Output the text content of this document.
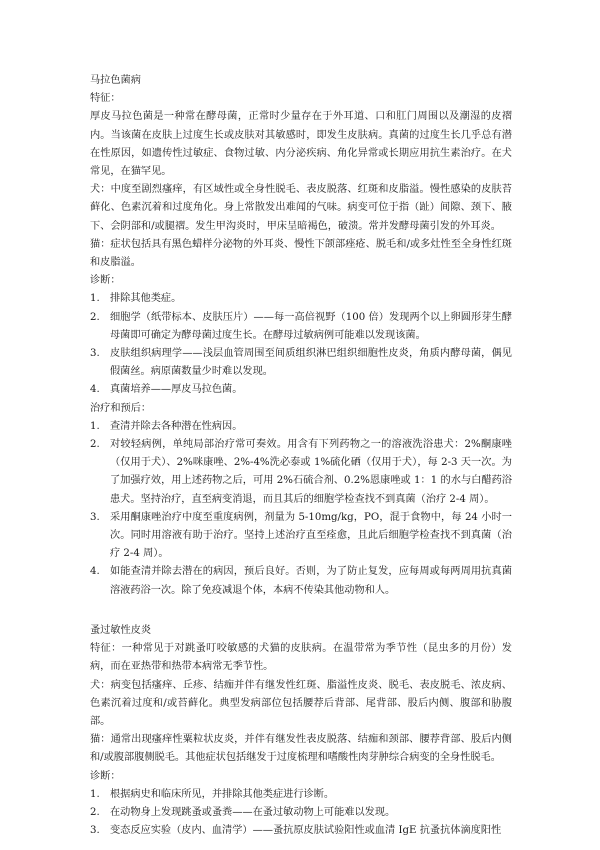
马拉色菌病

特征：

厚皮马拉色菌是一种常在酵母菌，正常时少量存在于外耳道、口和肛门周围以及潮湿的皮褶内。当该菌在皮肤上过度生长或皮肤对其敏感时，即发生皮肤病。真菌的过度生长几乎总有潜在性原因，如遗传性过敏症、食物过敏、内分泌疾病、角化异常或长期应用抗生素治疗。在犬常见，在猫罕见。

犬：中度至剧烈瘙痒，有区域性或全身性脱毛、表皮脱落、红斑和皮脂溢。慢性感染的皮肤苔藓化、色素沉着和过度角化。身上常散发出难闻的气味。病变可位于指（趾）间隙、颈下、腋下、会阴部和/或腿褶。发生甲沟炎时，甲床呈暗褐色，破溃。常并发酵母菌引发的外耳炎。

猫：症状包括具有黑色蜡样分泌物的外耳炎、慢性下颌部痤疮、脱毛和/或多灶性至全身性红斑和皮脂溢。

诊断：

1. 排除其他类症。
2. 细胞学（纸带标本、皮肤压片）——每一高倍视野（100 倍）发现两个以上卵圆形芽生酵母菌即可确定为酵母菌过度生长。在酵母过敏病例可能难以发现该菌。
3. 皮肤组织病理学——浅层血管周围至间质组织淋巴组织细胞性皮炎，角质内酵母菌，偶见假菌丝。病原菌数量少时难以发现。
4. 真菌培养——厚皮马拉色菌。

治疗和预后：

1. 查清并除去各种潜在性病因。
2. 对较轻病例，单纯局部治疗常可奏效。用含有下列药物之一的溶液洗浴患犬：2%酮康唑（仅用于犬）、2%咪康唑、2%-4%洗必泰或 1%硫化硒（仅用于犬），每 2-3 天一次。为了加强疗效，用上述药物之后，可用 2%石硫合剂、0.2%恩康唑或 1：1 的水与白醋药浴患犬。坚持治疗，直至病变消退，而且其后的细胞学检查找不到真菌（治疗 2-4 周）。
3. 采用酮康唑治疗中度至重度病例，剂量为 5-10mg/kg，PO，混于食物中，每 24 小时一次。同时用溶液有助于治疗。坚持上述治疗直至痊愈，且此后细胞学检查找不到真菌（治疗 2-4 周）。
4. 如能查清并除去潜在的病因，预后良好。否则，为了防止复发，应每周或每两周用抗真菌溶液药浴一次。除了免疫减退个体，本病不传染其他动物和人。

蚤过敏性皮炎

特征：一种常见于对跳蚤叮咬敏感的犬猫的皮肤病。在温带常为季节性（昆虫多的月份）发病，而在亚热带和热带本病常无季节性。

犬：病变包括瘙痒、丘疹、结痂并伴有继发性红斑、脂溢性皮炎、脱毛、表皮脱毛、浓皮病、色素沉着过度和/或苔藓化。典型发病部位包括腰荐后背部、尾背部、股后内侧、腹部和胁腹部。

猫：通常出现瘙痒性粟粒状皮炎，并伴有继发性表皮脱落、结痂和颈部、腰荐背部、股后内侧和/或腹部腹侧脱毛。其他症状包括继发于过度梳理和嗜酸性肉芽肿综合病变的全身性脱毛。

诊断：

1. 根据病史和临床所见，并排除其他类症进行诊断。
2. 在动物身上发现跳蚤或蚤粪——在蚤过敏动物上可能难以发现。
3. 变态反应实验（皮内、血清学）——蚤抗原皮肤试验阳性或血清 IgE 抗蚤抗体滴度阳性
